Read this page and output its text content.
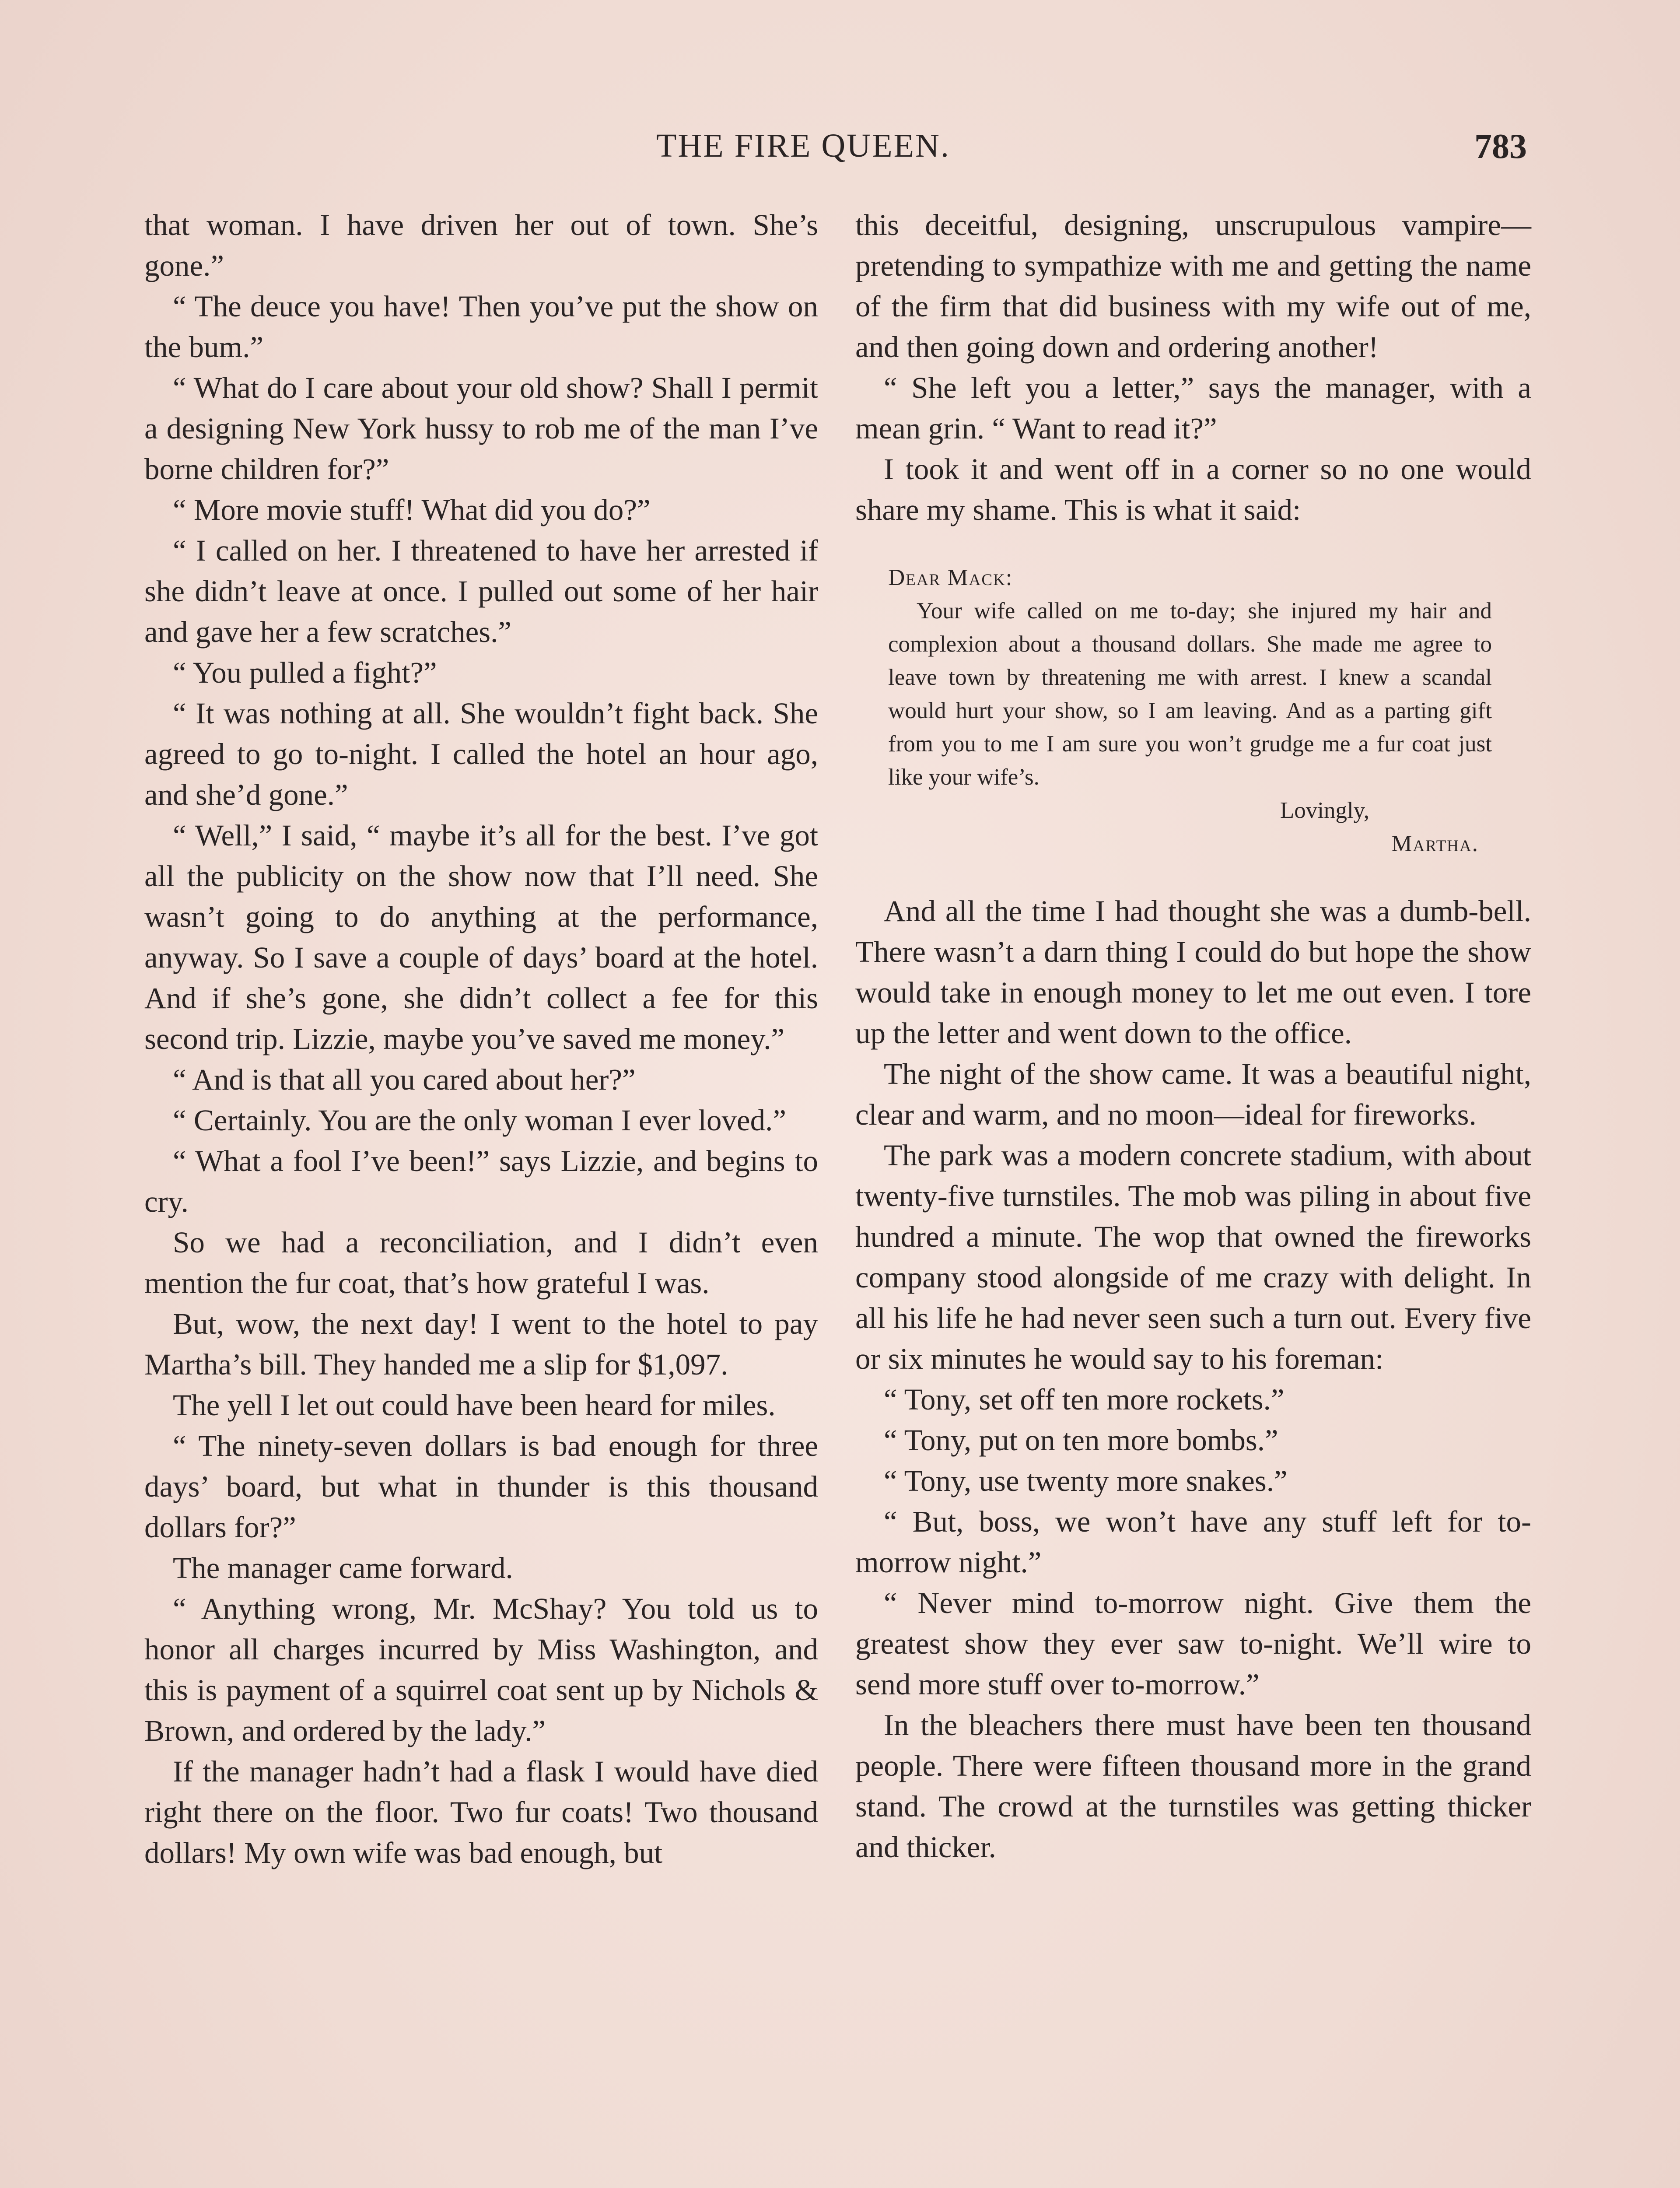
THE FIRE QUEEN.	783

that woman. I have driven her out of town. She’s gone.”

“ The deuce you have! Then you’ve put the show on the bum.”

“ What do I care about your old show? Shall I permit a designing New York hussy to rob me of the man I’ve borne children for?”

“ More movie stuff! What did you do?”

“ I called on her. I threatened to have her arrested if she didn’t leave at once. I pulled out some of her hair and gave her a few scratches.”

“ You pulled a fight?”

“ It was nothing at all. She wouldn’t fight back. She agreed to go to-night. I called the hotel an hour ago, and she’d gone.”

“ Well,” I said, “ maybe it’s all for the best. I’ve got all the publicity on the show now that I’ll need. She wasn’t going to do anything at the performance, anyway. So I save a couple of days’ board at the hotel. And if she’s gone, she didn’t collect a fee for this second trip. Lizzie, maybe you’ve saved me money.”

“ And is that all you cared about her?”

“ Certainly. You are the only woman I ever loved.”

“ What a fool I’ve been!” says Lizzie, and begins to cry.

So we had a reconciliation, and I didn’t even mention the fur coat, that’s how grateful I was.

But, wow, the next day! I went to the hotel to pay Martha’s bill. They handed me a slip for $1,097.

The yell I let out could have been heard for miles.

“ The ninety-seven dollars is bad enough for three days’ board, but what in thunder is this thousand dollars for?”

The manager came forward.

“ Anything wrong, Mr. McShay? You told us to honor all charges incurred by Miss Washington, and this is payment of a squirrel coat sent up by Nichols & Brown, and ordered by the lady.”

If the manager hadn’t had a flask I would have died right there on the floor. Two fur coats! Two thousand dollars! My own wife was bad enough, but

this deceitful, designing, unscrupulous vampire—pretending to sympathize with me and getting the name of the firm that did business with my wife out of me, and then going down and ordering another!

“ She left you a letter,” says the manager, with a mean grin. “ Want to read it?”

I took it and went off in a corner so no one would share my shame. This is what it said:

Dear Mack:

Your wife called on me to-day; she injured my hair and complexion about a thousand dollars. She made me agree to leave town by threatening me with arrest. I knew a scandal would hurt your show, so I am leaving. And as a parting gift from you to me I am sure you won’t grudge me a fur coat just like your wife’s.

Lovingly,

Martha.

And all the time I had thought she was a dumb-bell. There wasn’t a darn thing I could do but hope the show would take in enough money to let me out even. I tore up the letter and went down to the office.

The night of the show came. It was a beautiful night, clear and warm, and no moon—ideal for fireworks.

The park was a modern concrete stadium, with about twenty-five turnstiles. The mob was piling in about five hundred a minute. The wop that owned the fireworks company stood alongside of me crazy with delight. In all his life he had never seen such a turn out. Every five or six minutes he would say to his foreman:

“ Tony, set off ten more rockets.”

“ Tony, put on ten more bombs.”

“ Tony, use twenty more snakes.”

“ But, boss, we won’t have any stuff left for to-morrow night.”

“ Never mind to-morrow night. Give them the greatest show they ever saw to-night. We’ll wire to send more stuff over to-morrow.”

In the bleachers there must have been ten thousand people. There were fifteen thousand more in the grand stand. The crowd at the turnstiles was getting thicker and thicker.
